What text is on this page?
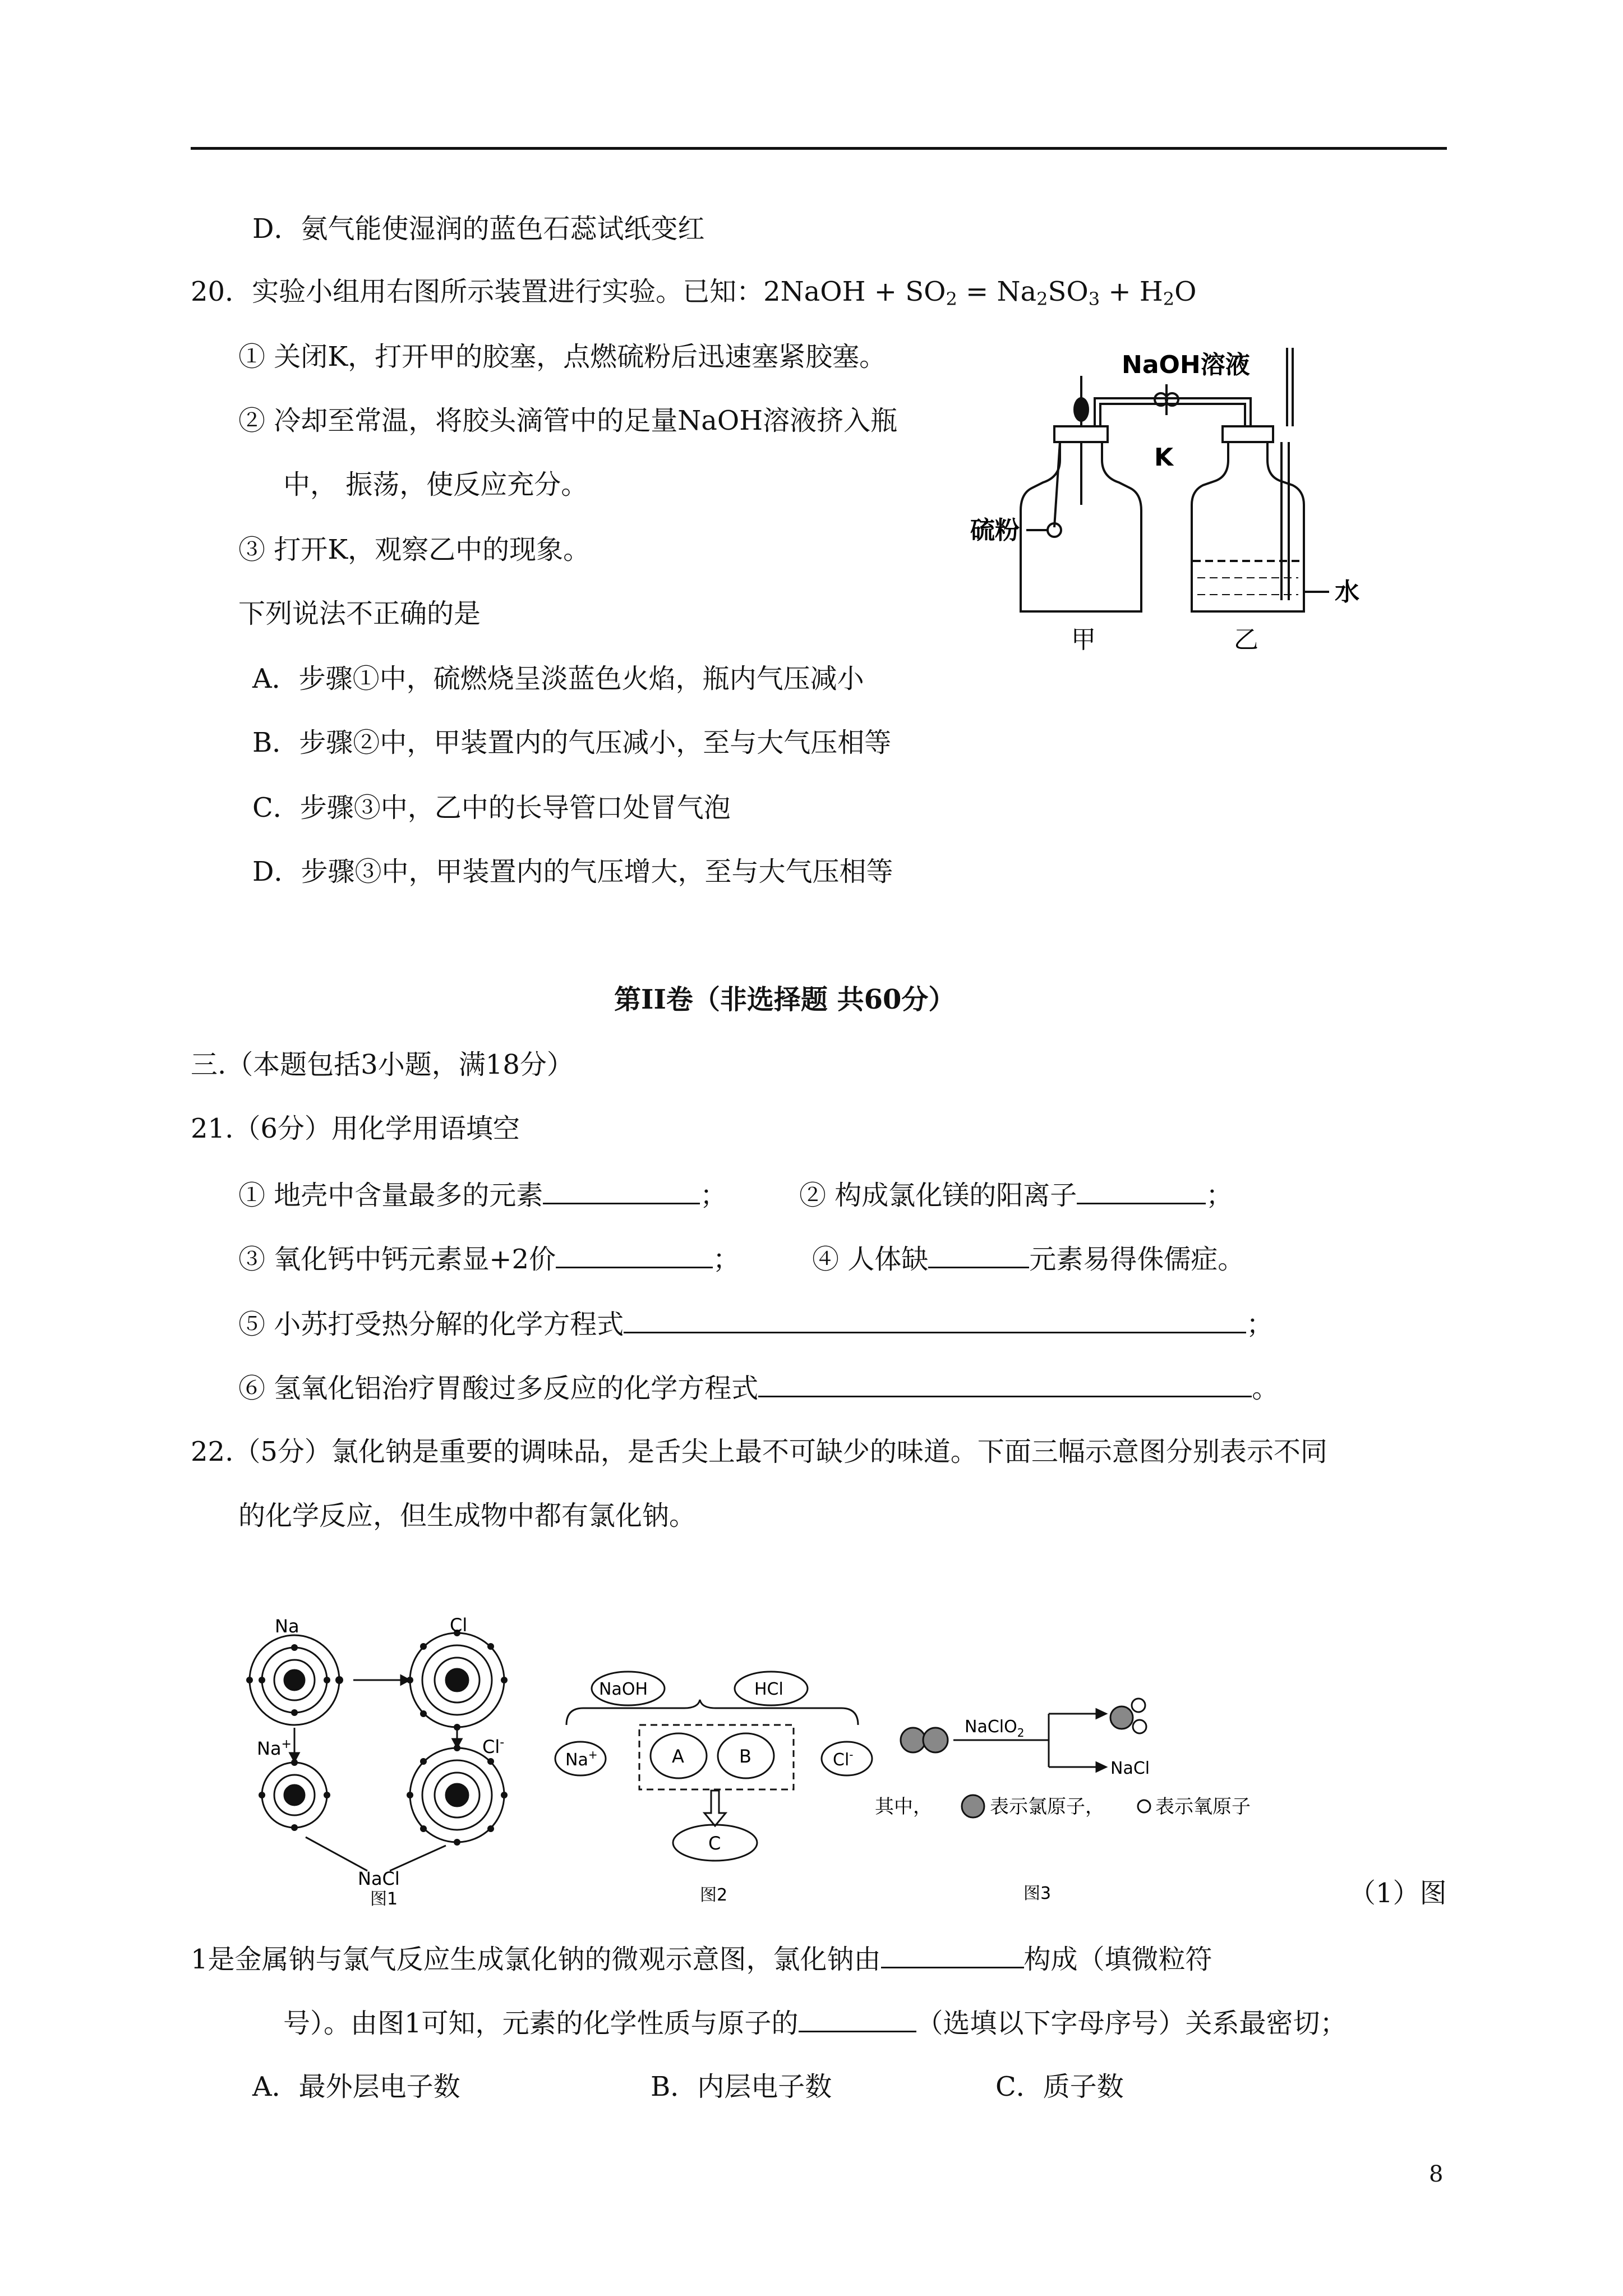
D．氨气能使湿润的蓝色石蕊试纸变红
20．实验小组用右图所示装置进行实验。已知：2NaOH + $SO_2 = Na_2SO_3 + H_2O$
① 关闭K，打开甲的胶塞，点燃硫粉后迅速塞紧胶塞。
② 冷却至常温，将胶头滴管中的足量NaOH溶液挤入瓶
中， 振荡，使反应充分。
③ 打开K，观察乙中的现象。
下列说法不正确的是
A．步骤①中，硫燃烧呈淡蓝色火焰，瓶内气压减小
B．步骤②中，甲装置内的气压减小，至与大气压相等
C．步骤③中，乙中的长导管口处冒气泡
D．步骤③中，甲装置内的气压增大，至与大气压相等
NaOH溶液
K
硫粉
水
甲	乙
第II卷（非选择题 共60分）
三.（本题包括3小题，满18分）
21.（6分）用化学用语填空
① 地壳中含量最多的元素	；	② 构成氯化镁的阳离子	；
③ 氧化钙中钙元素显+2价	；	④ 人体缺	元素易得侏儒症。
⑤ 小苏打受热分解的化学方程式	；
⑥ 氢氧化铝治疗胃酸过多反应的化学方程式	。
22.（5分）氯化钠是重要的调味品，是舌尖上最不可缺少的味道。下面三幅示意图分别表示不同
的化学反应，但生成物中都有氯化钠。
Na	Cl
Na+	Cl-
NaCl
图1
NaOH	HCl
Na+	Cl-
A	B
C
图2
NaClO$_2$
NaCl
其中，	表示氯原子，	表示氧原子
图3	（1）图
1是金属钠与氯气反应生成氯化钠的微观示意图，氯化钠由	构成（填微粒符
号）。由图1可知，元素的化学性质与原子的	（选填以下字母序号）关系最密切；
A．最外层电子数	B．内层电子数	C．质子数
8
